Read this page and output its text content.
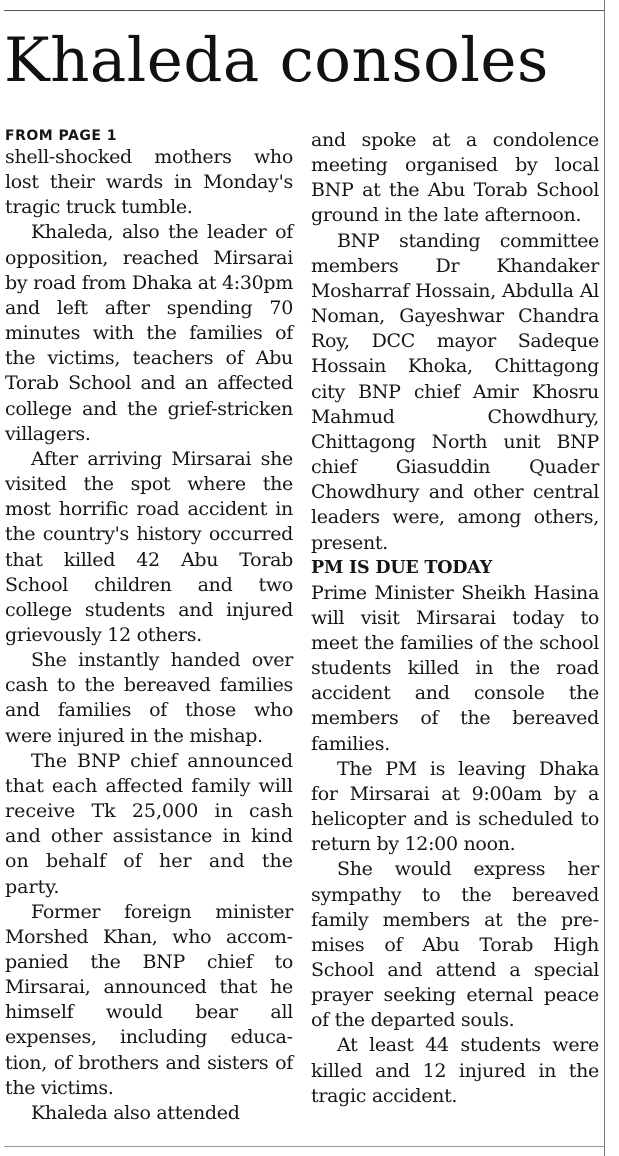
Khaleda consoles
FROM PAGE 1

shell-shocked mothers who lost their wards in Monday's tragic truck tumble.

Khaleda, also the leader of opposition, reached Mirsarai by road from Dhaka at 4:30pm and left after spending 70 minutes with the families of the victims, teachers of Abu Torab School and an affected college and the grief-stricken villagers.

After arriving Mirsarai she visited the spot where the most horrific road accident in the country's history occurred that killed 42 Abu Torab School children and two college students and injured grievously 12 others.

She instantly handed over cash to the bereaved families and families of those who were injured in the mishap.

The BNP chief announced that each affected family will receive Tk 25,000 in cash and other assistance in kind on behalf of her and the party.

Former foreign minister Morshed Khan, who accompanied the BNP chief to Mirsarai, announced that he himself would bear all expenses, including education, of brothers and sisters of the victims.

Khaleda also attended

and spoke at a condolence meeting organised by local BNP at the Abu Torab School ground in the late afternoon.

BNP standing committee members Dr Khandaker Mosharraf Hossain, Abdulla Al Noman, Gayeshwar Chandra Roy, DCC mayor Sadeque Hossain Khoka, Chittagong city BNP chief Amir Khosru Mahmud Chowdhury, Chittagong North unit BNP chief Giasuddin Quader Chowdhury and other central leaders were, among others, present.

PM IS DUE TODAY

Prime Minister Sheikh Hasina will visit Mirsarai today to meet the families of the school students killed in the road accident and console the members of the bereaved families.

The PM is leaving Dhaka for Mirsarai at 9:00am by a helicopter and is scheduled to return by 12:00 noon.

She would express her sympathy to the bereaved family members at the premises of Abu Torab High School and attend a special prayer seeking eternal peace of the departed souls.

At least 44 students were killed and 12 injured in the tragic accident.
